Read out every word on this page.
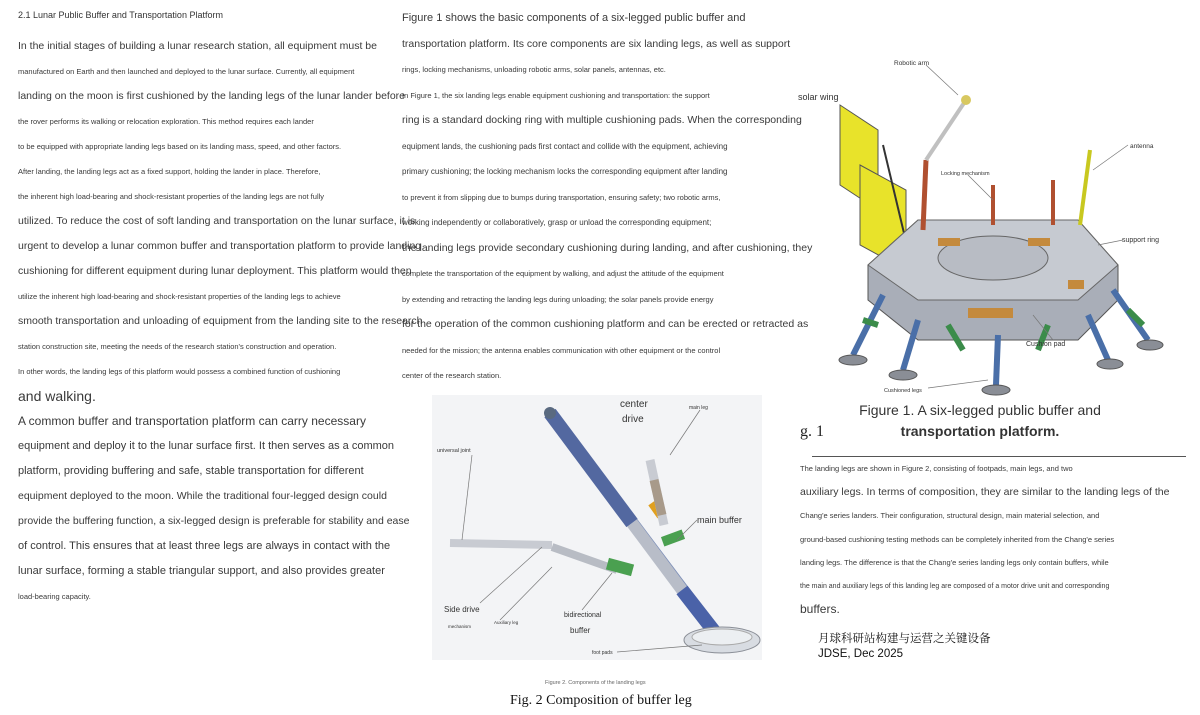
2.1 Lunar Public Buffer and Transportation Platform
In the initial stages of building a lunar research station, all equipment must be
manufactured on Earth and then launched and deployed to the lunar surface. Currently, all equipment
landing on the moon is first cushioned by the landing legs of the lunar lander before
the rover performs its walking or relocation exploration. This method requires each lander
to be equipped with appropriate landing legs based on its landing mass, speed, and other factors.
After landing, the landing legs act as a fixed support, holding the lander in place. Therefore,
the inherent high load-bearing and shock-resistant properties of the landing legs are not fully
utilized. To reduce the cost of soft landing and transportation on the lunar surface, it is
urgent to develop a lunar common buffer and transportation platform to provide landing
cushioning for different equipment during lunar deployment. This platform would then
utilize the inherent high load-bearing and shock-resistant properties of the landing legs to achieve
smooth transportation and unloading of equipment from the landing site to the research
station construction site, meeting the needs of the research station's construction and operation.
In other words, the landing legs of this platform would possess a combined function of cushioning
and walking.
A common buffer and transportation platform can carry necessary
equipment and deploy it to the lunar surface first. It then serves as a common
platform, providing buffering and safe, stable transportation for different
equipment deployed to the moon. While the traditional four-legged design could
provide the buffering function, a six-legged design is preferable for stability and ease
of control. This ensures that at least three legs are always in contact with the
lunar surface, forming a stable triangular support, and also provides greater
load-bearing capacity.
Figure 1 shows the basic components of a six-legged public buffer and
transportation platform. Its core components are six landing legs, as well as support
rings, locking mechanisms, unloading robotic arms, solar panels, antennas, etc.
In Figure 1, the six landing legs enable equipment cushioning and transportation: the support
ring is a standard docking ring with multiple cushioning pads. When the corresponding
equipment lands, the cushioning pads first contact and collide with the equipment, achieving
primary cushioning; the locking mechanism locks the corresponding equipment after landing
to prevent it from slipping due to bumps during transportation, ensuring safety; two robotic arms,
working independently or collaboratively, grasp or unload the corresponding equipment;
the landing legs provide secondary cushioning during landing, and after cushioning, they
complete the transportation of the equipment by walking, and adjust the attitude of the equipment
by extending and retracting the landing legs during unloading; the solar panels provide energy
for the operation of the common cushioning platform and can be erected or retracted as
needed for the mission; the antenna enables communication with other equipment or the control
center of the research station.
Robotic arm
solar wing
antenna
Locking mechanism
support ring
Cushion pad
Cushioned legs
Figure 1. A six-legged public buffer and
transportation platform.
g. 1
The landing legs are shown in Figure 2, consisting of footpads, main legs, and two
auxiliary legs. In terms of composition, they are similar to the landing legs of the
Chang'e series landers. Their configuration, structural design, main material selection, and
ground-based cushioning testing methods can be completely inherited from the Chang'e series
landing legs. The difference is that the Chang'e series landing legs only contain buffers, while
the main and auxiliary legs of this landing leg are composed of a motor drive unit and corresponding
buffers.
center
drive
main leg
universal joint
main buffer
Side drive
mechanism
Auxiliary leg
bidirectional
buffer
foot pads
Figure 2. Components of the landing legs
Fig. 2 Composition of buffer leg
月球科研站构建与运营之关键设备
JDSE, Dec 2025
